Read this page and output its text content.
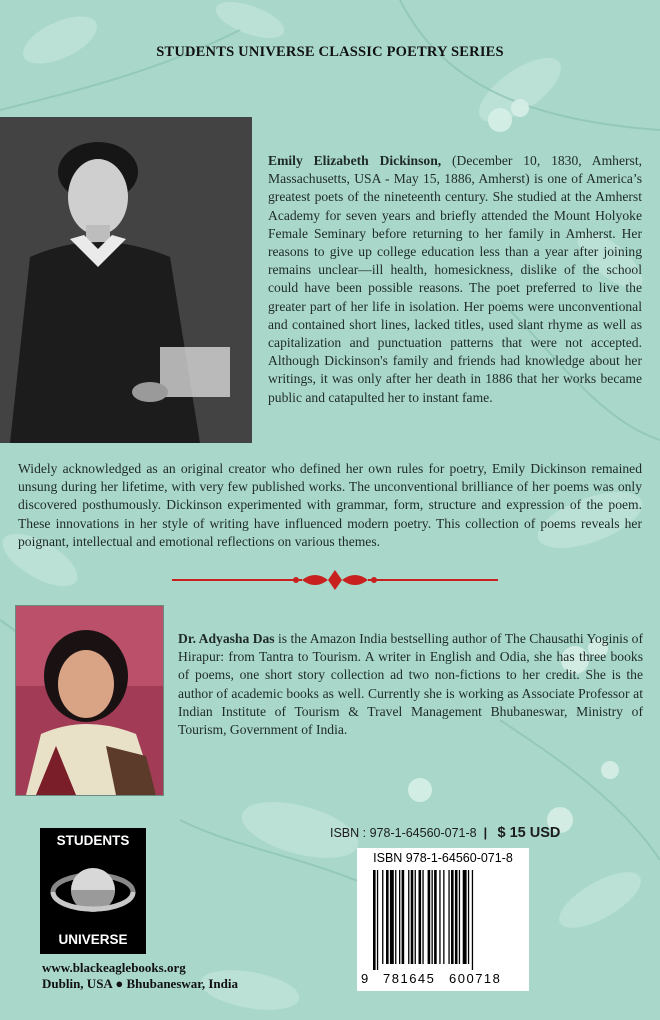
STUDENTS UNIVERSE CLASSIC POETRY SERIES
Emily Elizabeth Dickinson, (December 10, 1830, Amherst, Massachusetts, USA - May 15, 1886, Amherst) is one of America’s greatest poets of the nineteenth century. She studied at the Amherst Academy for seven years and briefly attended the Mount Holyoke Female Seminary before returning to her family in Amherst. Her reasons to give up college education less than a year after joining remains unclear—ill health, homesickness, dislike of the school could have been possible reasons. The poet preferred to live the greater part of her life in isolation. Her poems were unconventional and contained short lines, lacked titles, used slant rhyme as well as capitalization and punctuation patterns that were not accepted. Although Dickinson's family and friends had knowledge about her writings, it was only after her death in 1886 that her works became public and catapulted her to instant fame.
Widely acknowledged as an original creator who defined her own rules for poetry, Emily Dickinson remained unsung during her lifetime, with very few published works. The unconventional brilliance of her poems was only discovered posthumously. Dickinson experimented with grammar, form, structure and expression of the poem. These innovations in her style of writing have influenced modern poetry. This collection of poems reveals her poignant, intellectual and emotional reflections on various themes.
Dr. Adyasha Das is the Amazon India bestselling author of The Chausathi Yoginis of Hirapur: from Tantra to Tourism. A writer in English and Odia, she has three books of poems, one short story collection ad two non-fictions to her credit. She is the author of academic books as well. Currently she is working as Associate Professor at Indian Institute of Tourism & Travel Management Bhubaneswar, Ministry of Tourism, Government of India.
STUDENTS
UNIVERSE
www.blackeaglebooks.org
Dublin, USA ● Bhubaneswar, India
ISBN : 978-1-64560-071-8 | $ 15 USD
ISBN 978-1-64560-071-8
9 781645 600718
